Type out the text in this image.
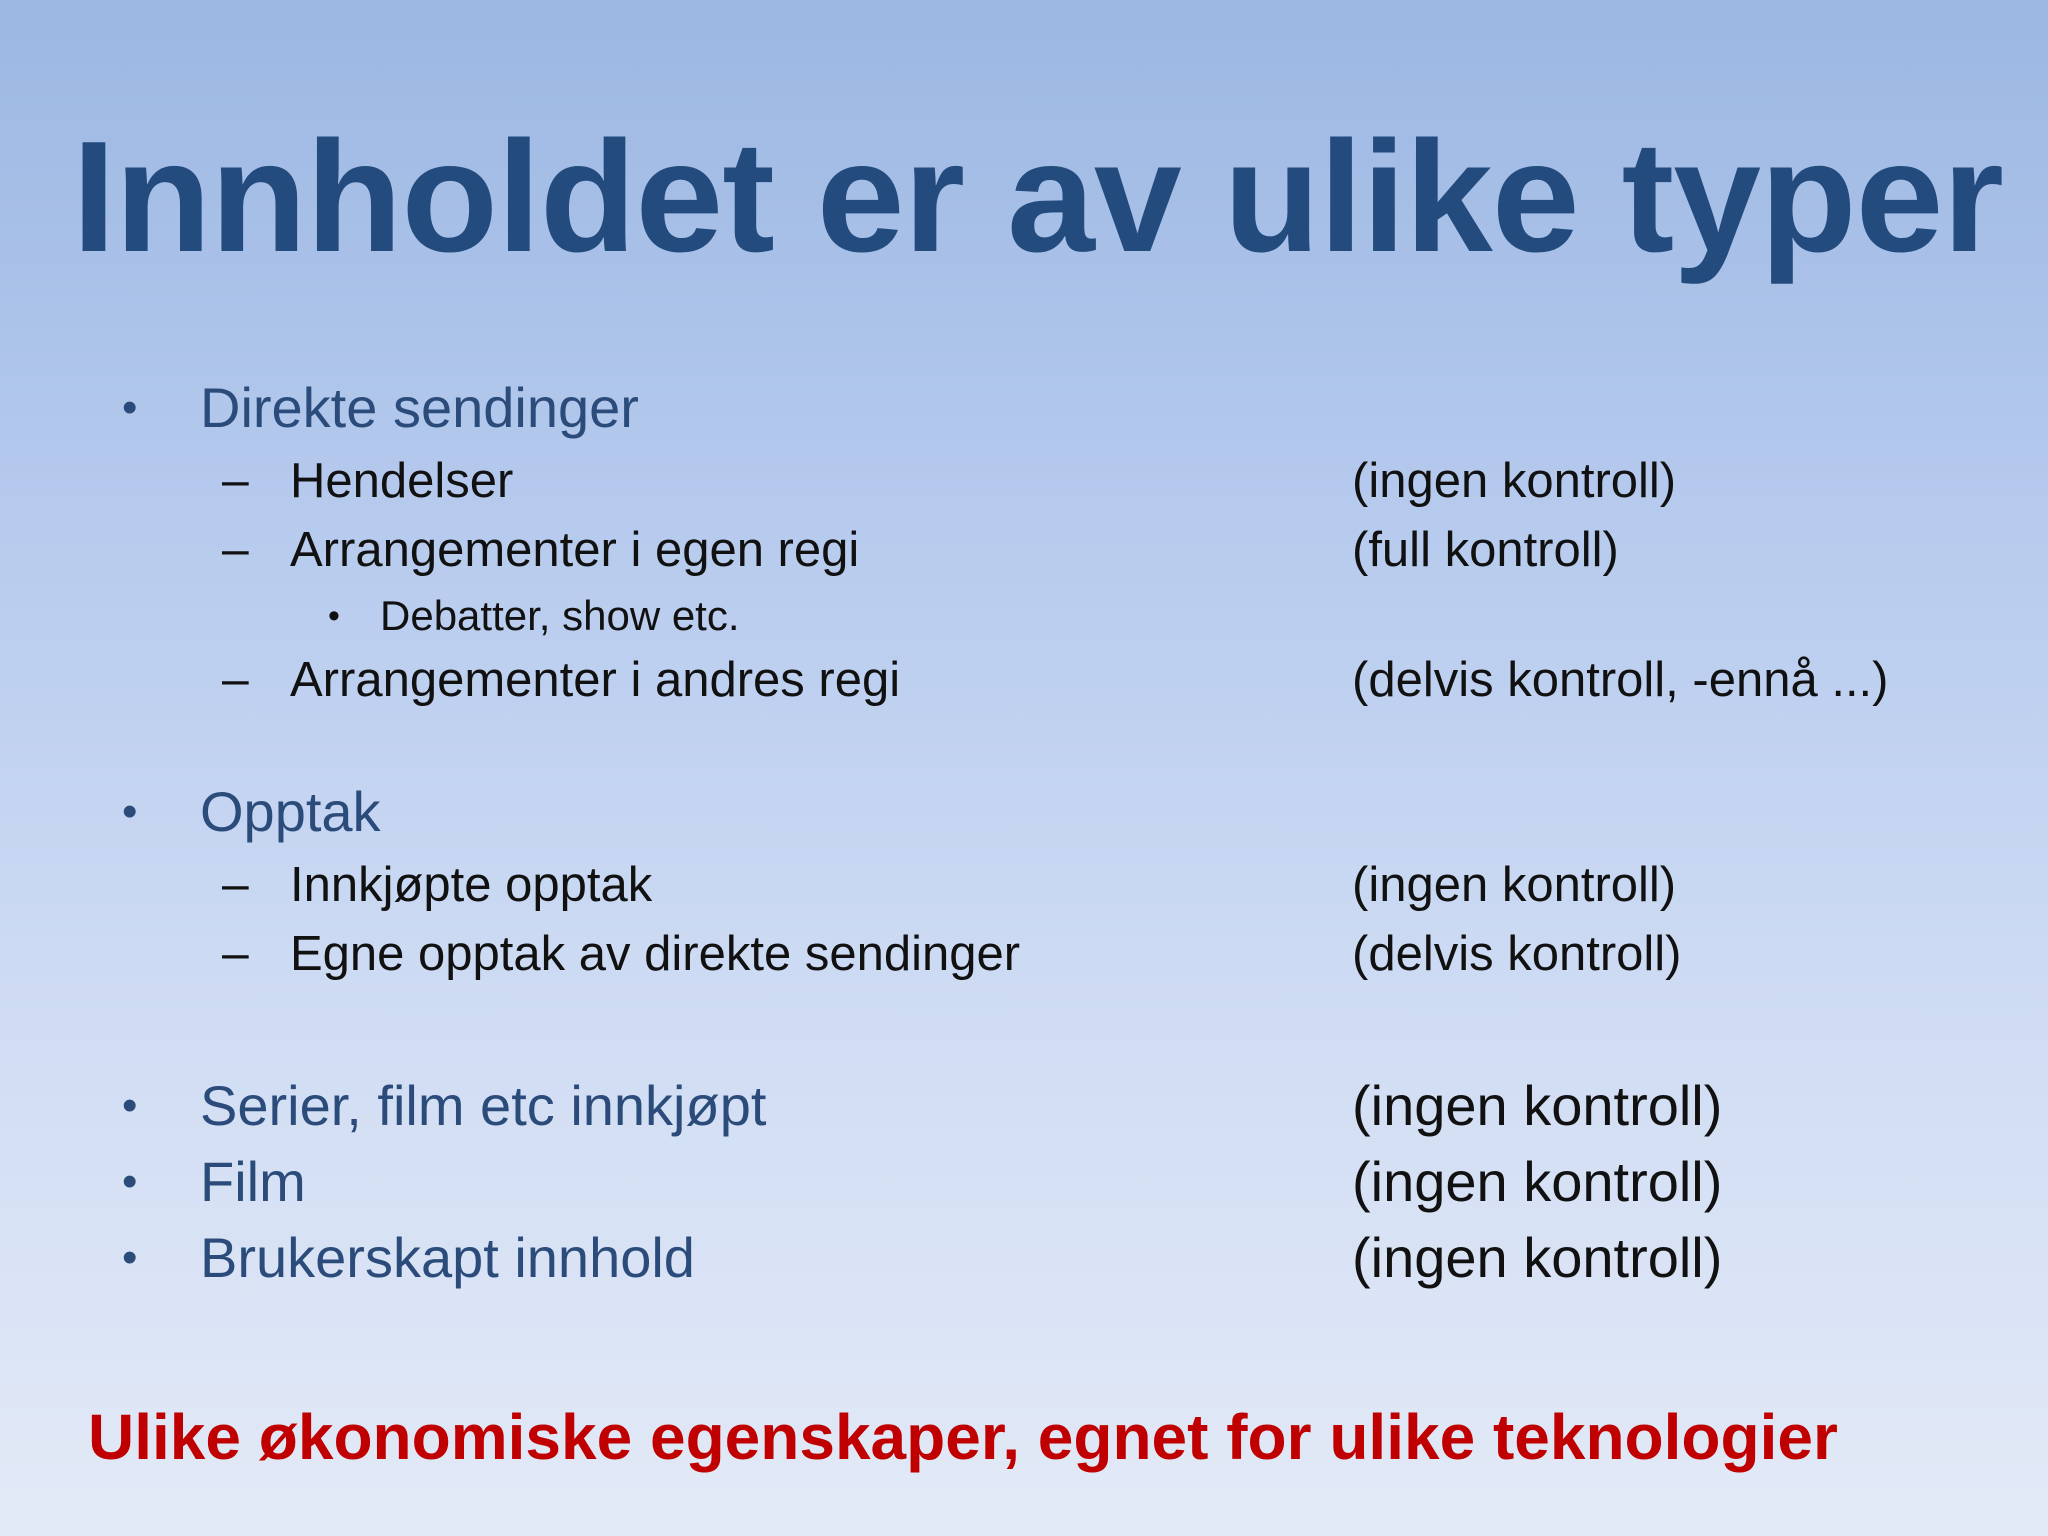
Innholdet er av ulike typer
• Direkte sendinger
– Hendelser	(ingen kontroll)
– Arrangementer i egen regi	(full kontroll)
• Debatter, show etc.
– Arrangementer i andres regi	(delvis kontroll, -ennå ...)
• Opptak
– Innkjøpte opptak	(ingen kontroll)
– Egne opptak av direkte sendinger	(delvis kontroll)
• Serier, film etc innkjøpt	(ingen kontroll)
• Film	(ingen kontroll)
• Brukerskapt innhold	(ingen kontroll)
Ulike økonomiske egenskaper, egnet for ulike teknologier
